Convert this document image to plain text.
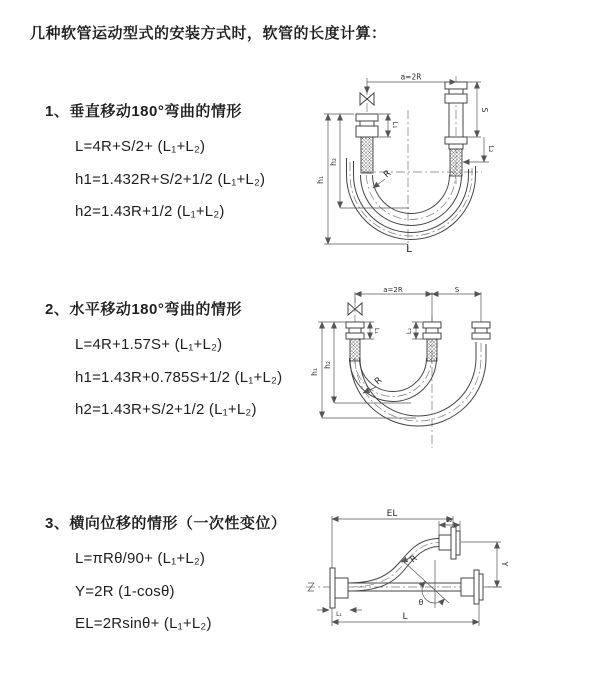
几种软管运动型式的安装方式时，软管的长度计算：
1、垂直移动180°弯曲的情形
L=4R+S/2+ (L₁+L₂)
h1=1.432R+S/2+1/2 (L₁+L₂)
h2=1.43R+1/2 (L₁+L₂)
2、水平移动180°弯曲的情形
L=4R+1.57S+ (L₁+L₂)
h1=1.43R+0.785S+1/2 (L₁+L₂)
h2=1.43R+S/2+1/2 (L₁+L₂)
3、横向位移的情形（一次性变位）
L=πRθ/90+ (L₁+L₂)
Y=2R (1-cosθ)
EL=2Rsinθ+ (L₁+L₂)
a=2R
S
L₂
L₁
h₁
h₂
R
L
a=2R	S
h₁
h₂
L₁	L₂
R
θ
R
EL
L₂
Y
L
L₁
